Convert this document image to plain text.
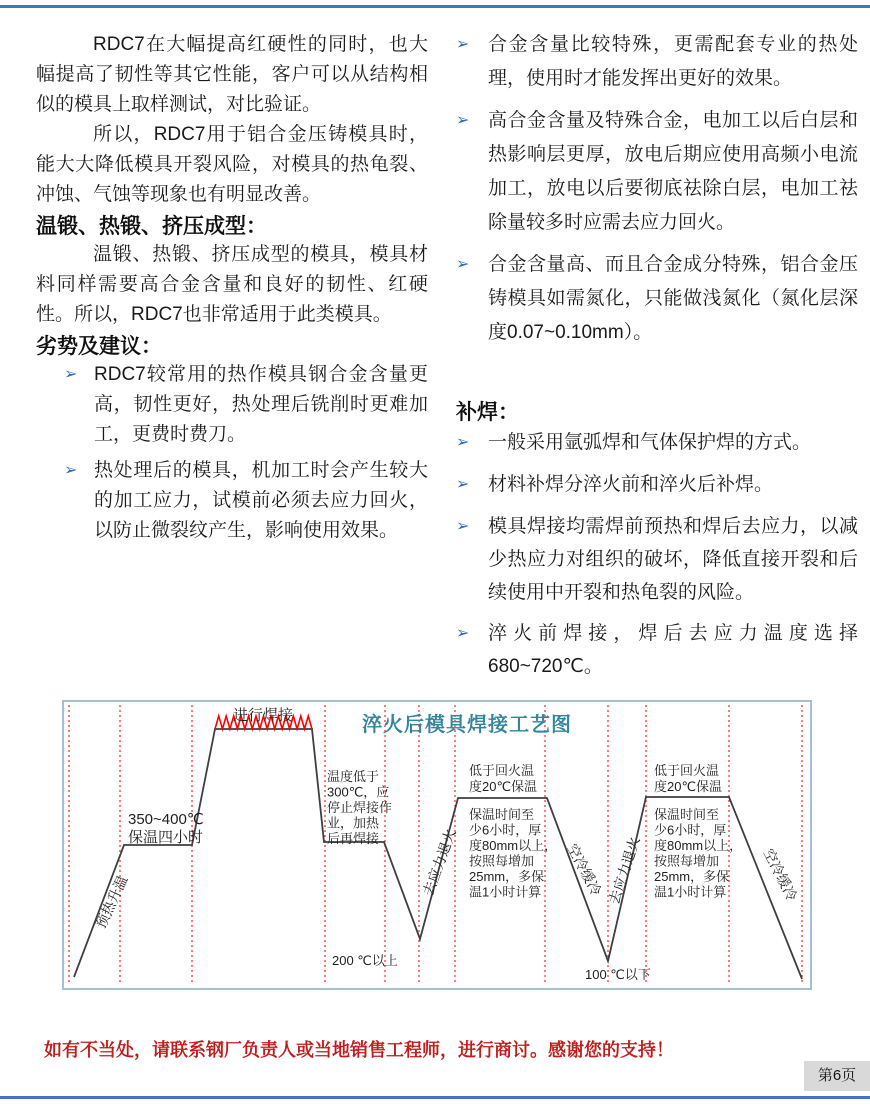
RDC7在大幅提高红硬性的同时，也大幅提高了韧性等其它性能，客户可以从结构相似的模具上取样测试，对比验证。

所以，RDC7用于铝合金压铸模具时，能大大降低模具开裂风险，对模具的热龟裂、冲蚀、气蚀等现象也有明显改善。

温锻、热锻、挤压成型：

温锻、热锻、挤压成型的模具，模具材料同样需要高合金含量和良好的韧性、红硬性。所以，RDC7也非常适用于此类模具。

劣势及建议：
➢ RDC7较常用的热作模具钢合金含量更高，韧性更好，热处理后铣削时更难加工，更费时费刀。
➢ 热处理后的模具，机加工时会产生较大的加工应力，试模前必须去应力回火，以防止微裂纹产生，影响使用效果。
➢ 合金含量比较特殊，更需配套专业的热处理，使用时才能发挥出更好的效果。
➢ 高合金含量及特殊合金，电加工以后白层和热影响层更厚，放电后期应使用高频小电流加工，放电以后要彻底祛除白层，电加工祛除量较多时应需去应力回火。
➢ 合金含量高、而且合金成分特殊，铝合金压铸模具如需氮化，只能做浅氮化（氮化层深度0.07~0.10mm）。
补焊：
➢ 一般采用氩弧焊和气体保护焊的方式。
➢ 材料补焊分淬火前和淬火后补焊。
➢ 模具焊接均需焊前预热和焊后去应力，以减少热应力对组织的破坏，降低直接开裂和后续使用中开裂和热龟裂的风险。
➢ 淬火前焊接，焊后去应力温度选择680~720℃。
预热升温
350~400℃保温四小时
进行焊接
温度低于 300℃，应停止焊接作业，加热后再焊接
200 ℃以上
去应力退火
低于回火温度20℃保温
保温时间至少6小时，厚度80mm以上，按照每增加 25mm，多保温1小时计算	空冷缓冷 去应力退火
100 ℃以下
低于回火温度20℃保温
保温时间至少6小时，厚度80mm以上，按照每增加 25mm，多保温1小时计算	空冷缓冷
淬火后模具焊接工艺图
如有不当处，请联系钢厂负责人或当地销售工程师，进行商讨。感谢您的支持！
第6页
